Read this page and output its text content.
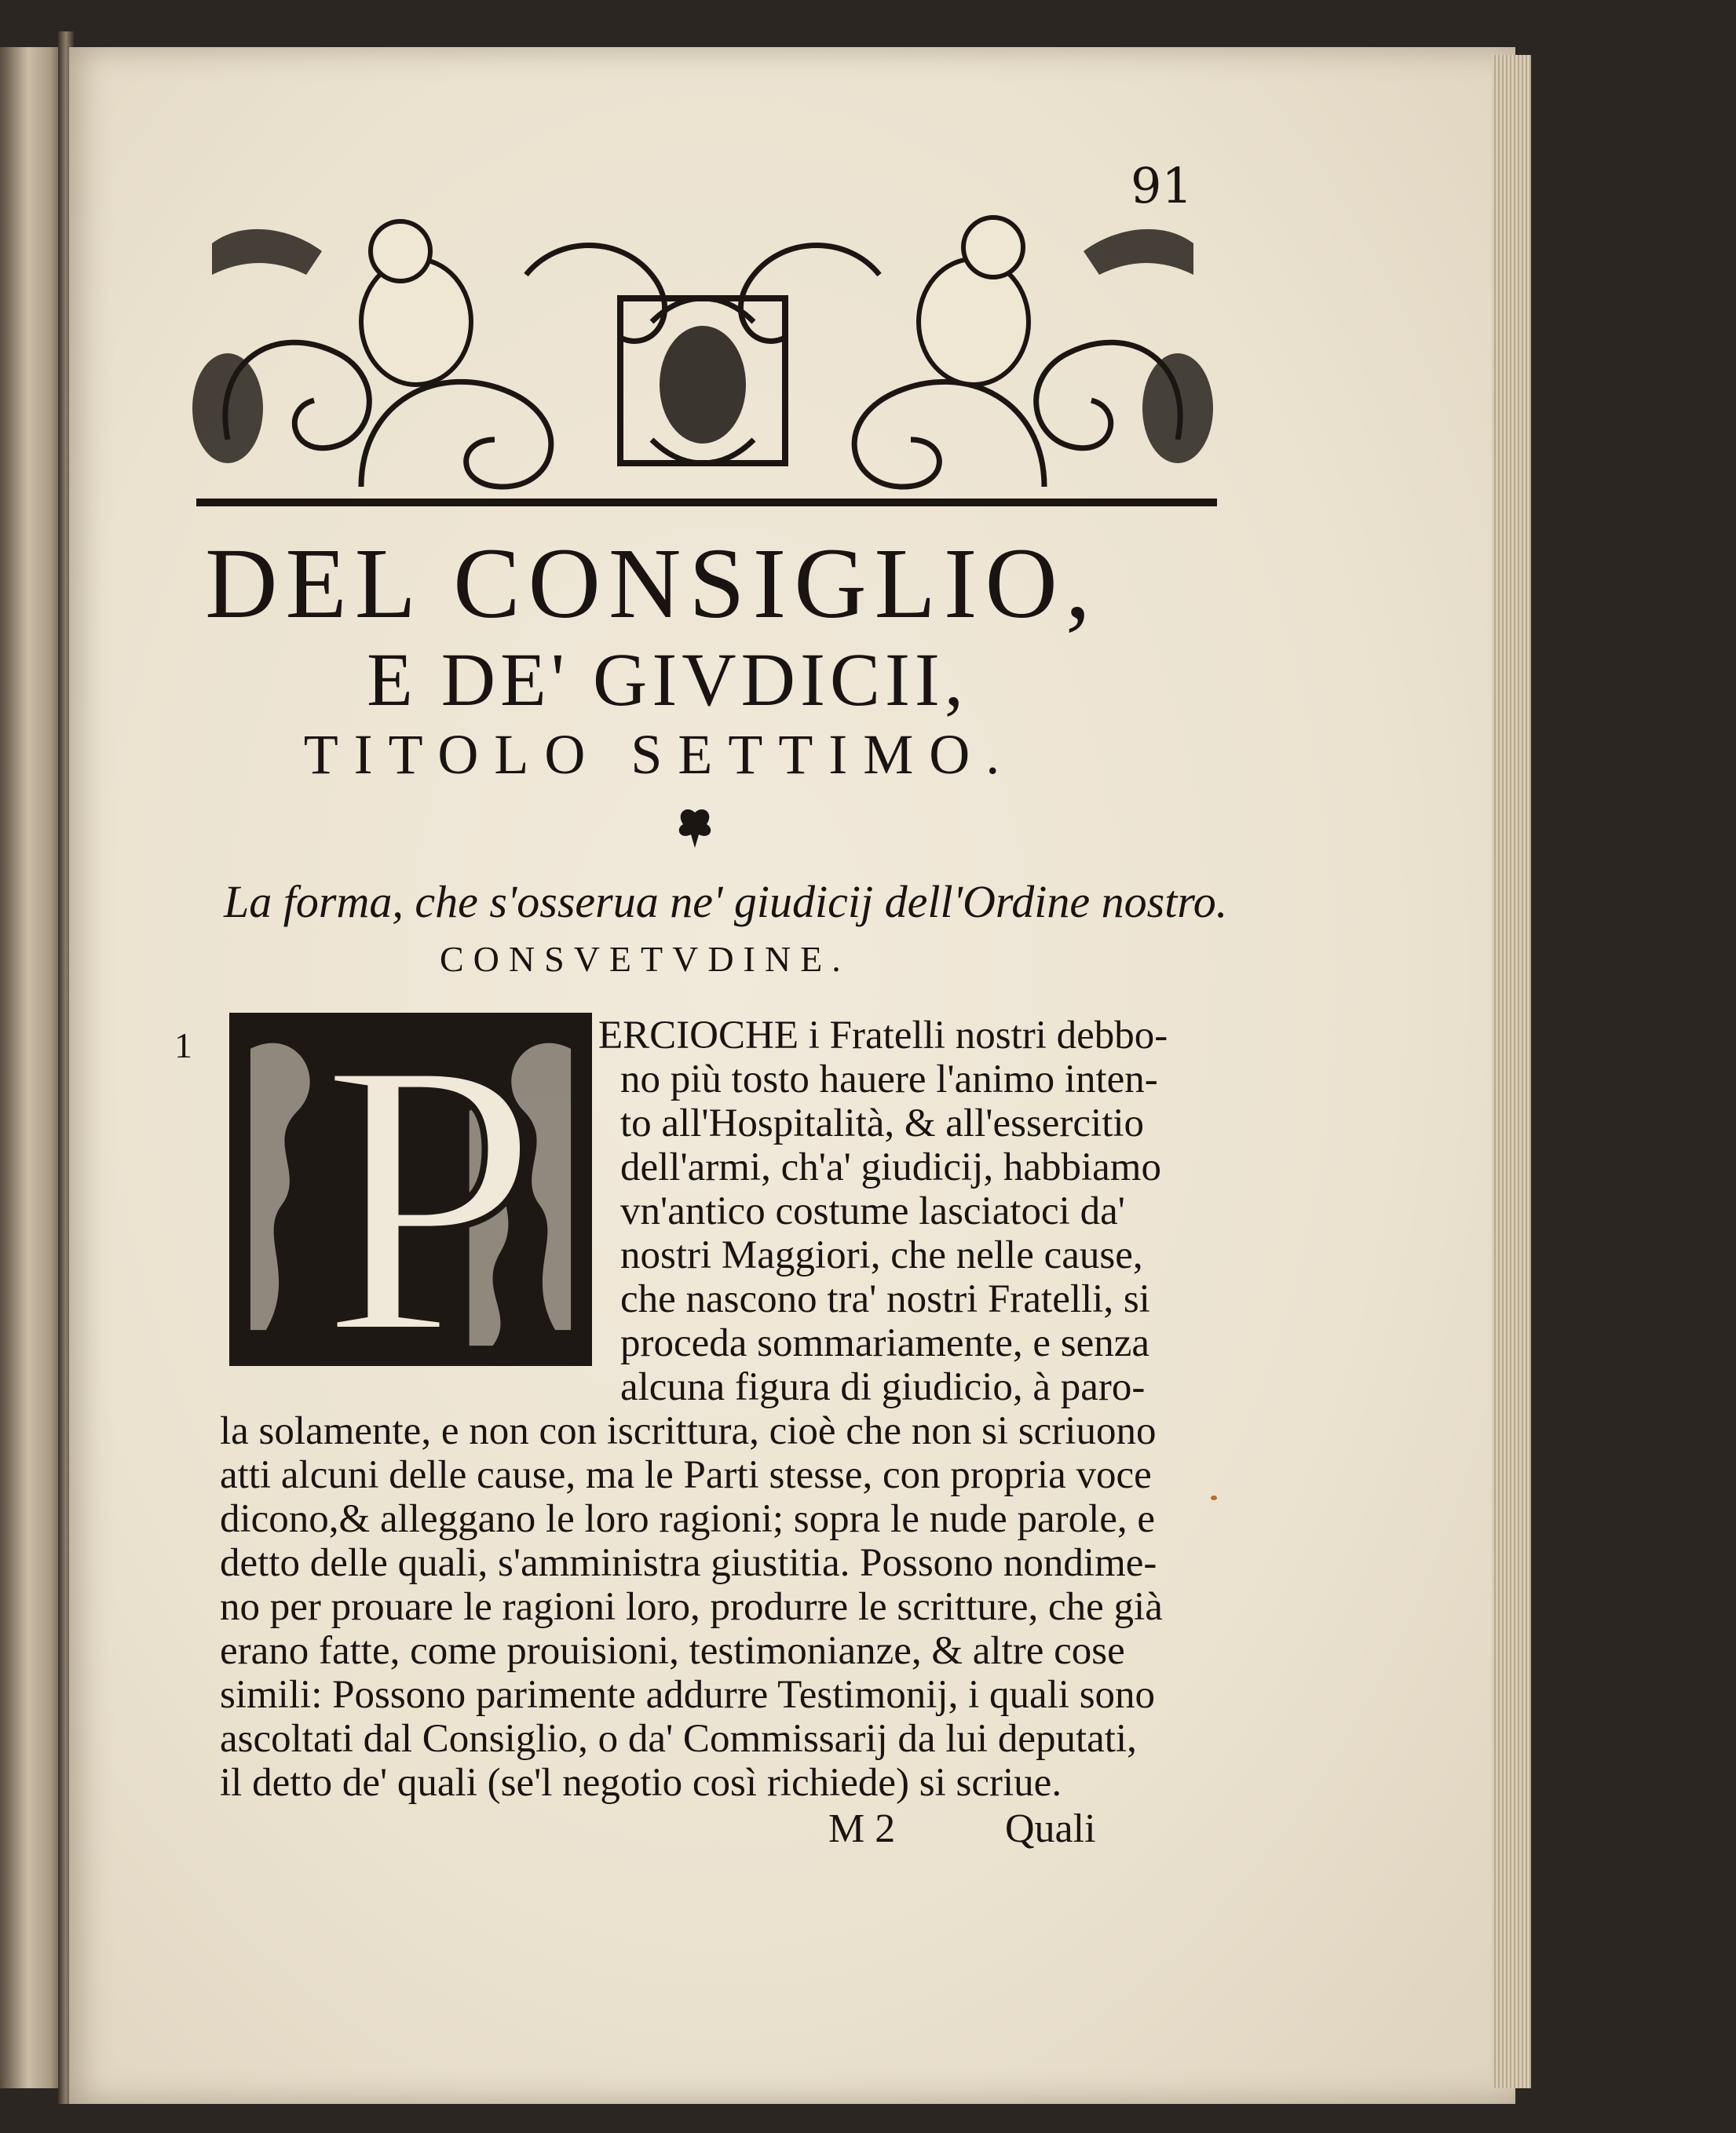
91
DEL CONSIGLIO,
E DE' GIVDICII,
TITOLO SETTIMO.
La forma, che s'osserua ne' giudicij dell'Ordine nostro.
CONSVETVDINE.
1 P ERCIOCHE i Fratelli nostri debbo-
no più tosto hauere l'animo inten-
to all'Hospitalità, & all'essercitio
dell'armi, ch'a' giudicij, habbiamo
vn'antico costume lasciatoci da'
nostri Maggiori, che nelle cause,
che nascono tra' nostri Fratelli, si
proceda sommariamente, e senza
alcuna figura di giudicio, à paro-
la solamente, e non con iscrittura, cioè che non si scriuono
atti alcuni delle cause, ma le Parti stesse, con propria voce
dicono,& alleggano le loro ragioni; sopra le nude parole, e
detto delle quali, s'amministra giustitia. Possono nondime-
no per prouare le ragioni loro, produrre le scritture, che già
erano fatte, come prouisioni, testimonianze, & altre cose
simili: Possono parimente addurre Testimonij, i quali sono
ascoltati dal Consiglio, o da' Commissarij da lui deputati,
il detto de' quali (se'l negotio così richiede) si scriue.
M 2	Quali
